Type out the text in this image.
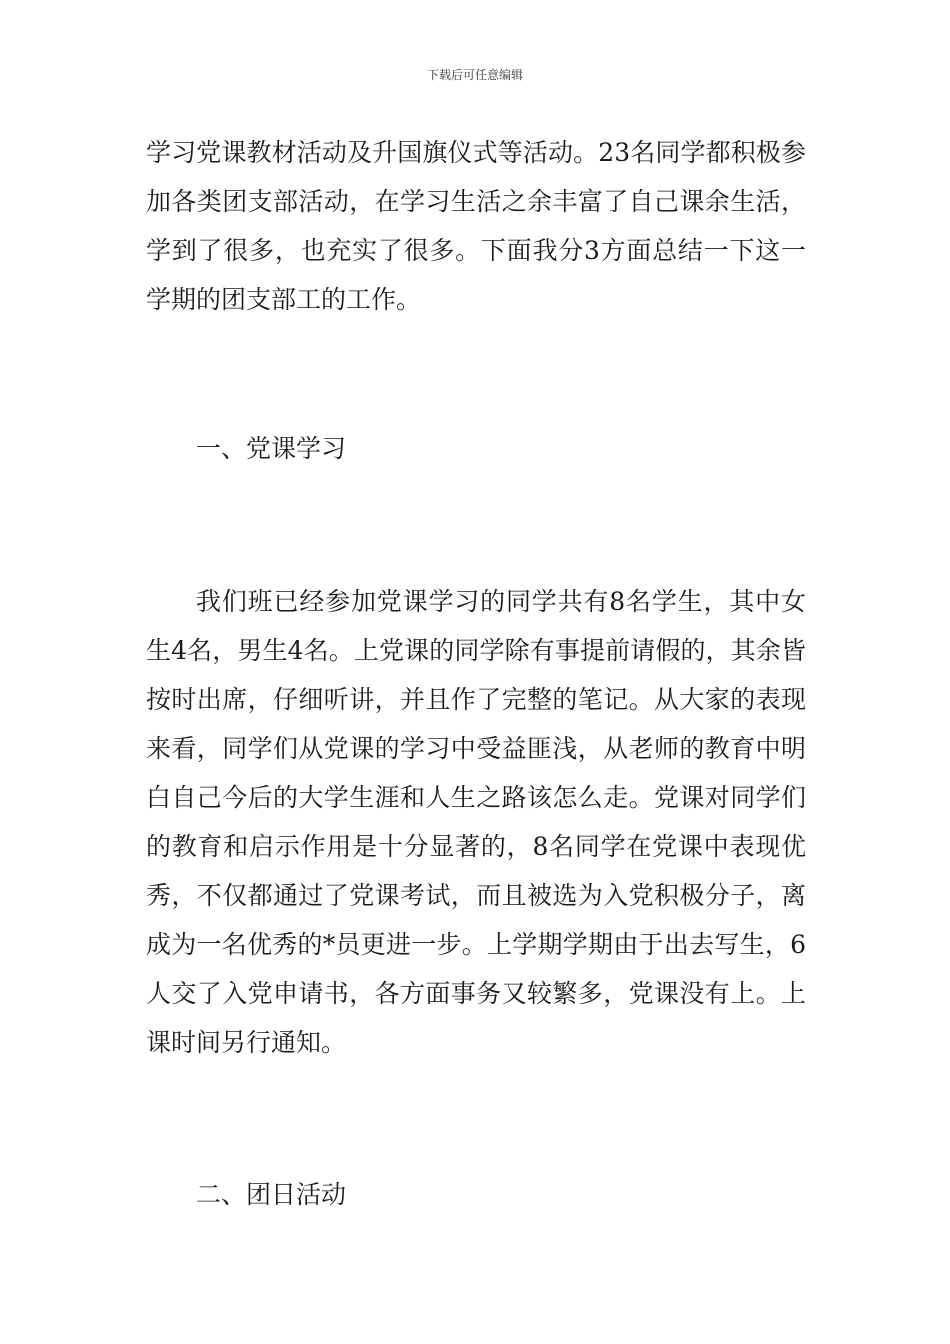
下载后可任意编辑

学习党课教材活动及升国旗仪式等活动。23名同学都积极参加各类团支部活动，在学习生活之余丰富了自己课余生活，学到了很多，也充实了很多。下面我分3方面总结一下这一学期的团支部工的工作。

一、党课学习

我们班已经参加党课学习的同学共有8名学生，其中女生4名，男生4名。上党课的同学除有事提前请假的，其余皆按时出席，仔细听讲，并且作了完整的笔记。从大家的表现来看，同学们从党课的学习中受益匪浅，从老师的教育中明白自己今后的大学生涯和人生之路该怎么走。党课对同学们的教育和启示作用是十分显著的，8名同学在党课中表现优秀，不仅都通过了党课考试，而且被选为入党积极分子，离成为一名优秀的*员更进一步。上学期学期由于出去写生，6人交了入党申请书，各方面事务又较繁多，党课没有上。上课时间另行通知。

二、团日活动
